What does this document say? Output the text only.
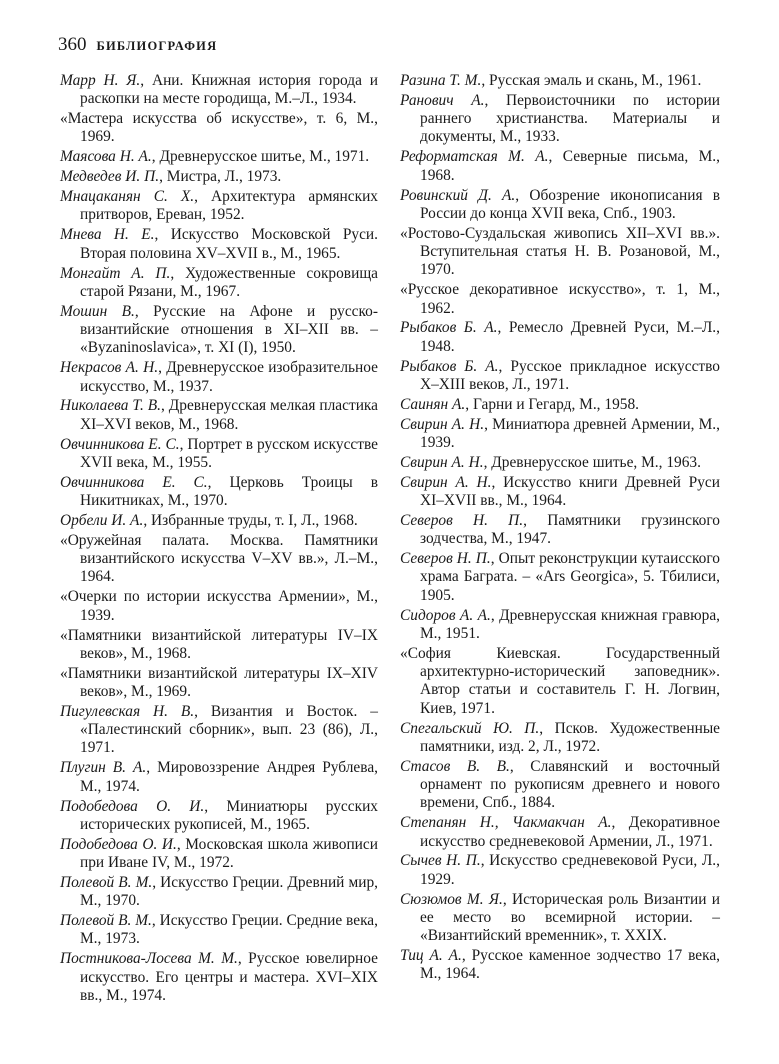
360 БИБЛИОГРАФИЯ

Марр Н. Я., Ани. Книжная история города и раскопки на месте городища, М.–Л., 1934.

«Мастера искусства об искусстве», т. 6, М., 1969.

Маясова Н. А., Древнерусское шитье, М., 1971.

Медведев И. П., Мистра, Л., 1973.

Мнацаканян С. Х., Архитектура армянских притворов, Ереван, 1952.

Мнева Н. Е., Искусство Московской Руси. Вторая половина XV–XVII в., М., 1965.

Монгайт А. П., Художественные сокровища старой Рязани, М., 1967.

Мошин В., Русские на Афоне и русско-византийские отношения в XI–XII вв. – «Byzaninoslavica», т. XI (I), 1950.

Некрасов А. Н., Древнерусское изобразительное искусство, М., 1937.

Николаева Т. В., Древнерусская мелкая пластика XI–XVI веков, М., 1968.

Овчинникова Е. С., Портрет в русском искусстве XVII века, М., 1955.

Овчинникова Е. С., Церковь Троицы в Никитниках, М., 1970.

Орбели И. А., Избранные труды, т. I, Л., 1968.

«Оружейная палата. Москва. Памятники византийского искусства V–XV вв.», Л.–М., 1964.

«Очерки по истории искусства Армении», М., 1939.

«Памятники византийской литературы IV–IX веков», М., 1968.

«Памятники византийской литературы IX–XIV веков», М., 1969.

Пигулевская Н. В., Византия и Восток. – «Палестинский сборник», вып. 23 (86), Л., 1971.

Плугин В. А., Мировоззрение Андрея Рублева, М., 1974.

Подобедова О. И., Миниатюры русских исторических рукописей, М., 1965.

Подобедова О. И., Московская школа живописи при Иване IV, М., 1972.

Полевой В. М., Искусство Греции. Древний мир, М., 1970.

Полевой В. М., Искусство Греции. Средние века, М., 1973.

Постникова-Лосева М. М., Русское ювелирное искусство. Его центры и мастера. XVI–XIX вв., М., 1974.

Разина Т. М., Русская эмаль и скань, М., 1961.

Ранович А., Первоисточники по истории раннего христианства. Материалы и документы, М., 1933.

Реформатская М. А., Северные письма, М., 1968.

Ровинский Д. А., Обозрение иконописания в России до конца XVII века, Спб., 1903.

«Ростово-Суздальская живопись XII–XVI вв.». Вступительная статья Н. В. Розановой, М., 1970.

«Русское декоративное искусство», т. 1, М., 1962.

Рыбаков Б. А., Ремесло Древней Руси, М.–Л., 1948.

Рыбаков Б. А., Русское прикладное искусство X–XIII веков, Л., 1971.

Саинян А., Гарни и Гегард, М., 1958.

Свирин А. Н., Миниатюра древней Армении, М., 1939.

Свирин А. Н., Древнерусское шитье, М., 1963.

Свирин А. Н., Искусство книги Древней Руси XI–XVII вв., М., 1964.

Северов Н. П., Памятники грузинского зодчества, М., 1947.

Северов Н. П., Опыт реконструкции кутаисского храма Баграта. – «Ars Georgica», 5. Тбилиси, 1905.

Сидоров А. А., Древнерусская книжная гравюра, М., 1951.

«София Киевская. Государственный архитектурно-исторический заповедник». Автор статьи и составитель Г. Н. Логвин, Киев, 1971.

Спегальский Ю. П., Псков. Художественные памятники, изд. 2, Л., 1972.

Стасов В. В., Славянский и восточный орнамент по рукописям древнего и нового времени, Спб., 1884.

Степанян Н., Чакмакчан А., Декоративное искусство средневековой Армении, Л., 1971.

Сычев Н. П., Искусство средневековой Руси, Л., 1929.

Сюзюмов М. Я., Историческая роль Византии и ее место во всемирной истории. – «Византийский временник», т. XXIX.

Тиц А. А., Русское каменное зодчество 17 века, М., 1964.
